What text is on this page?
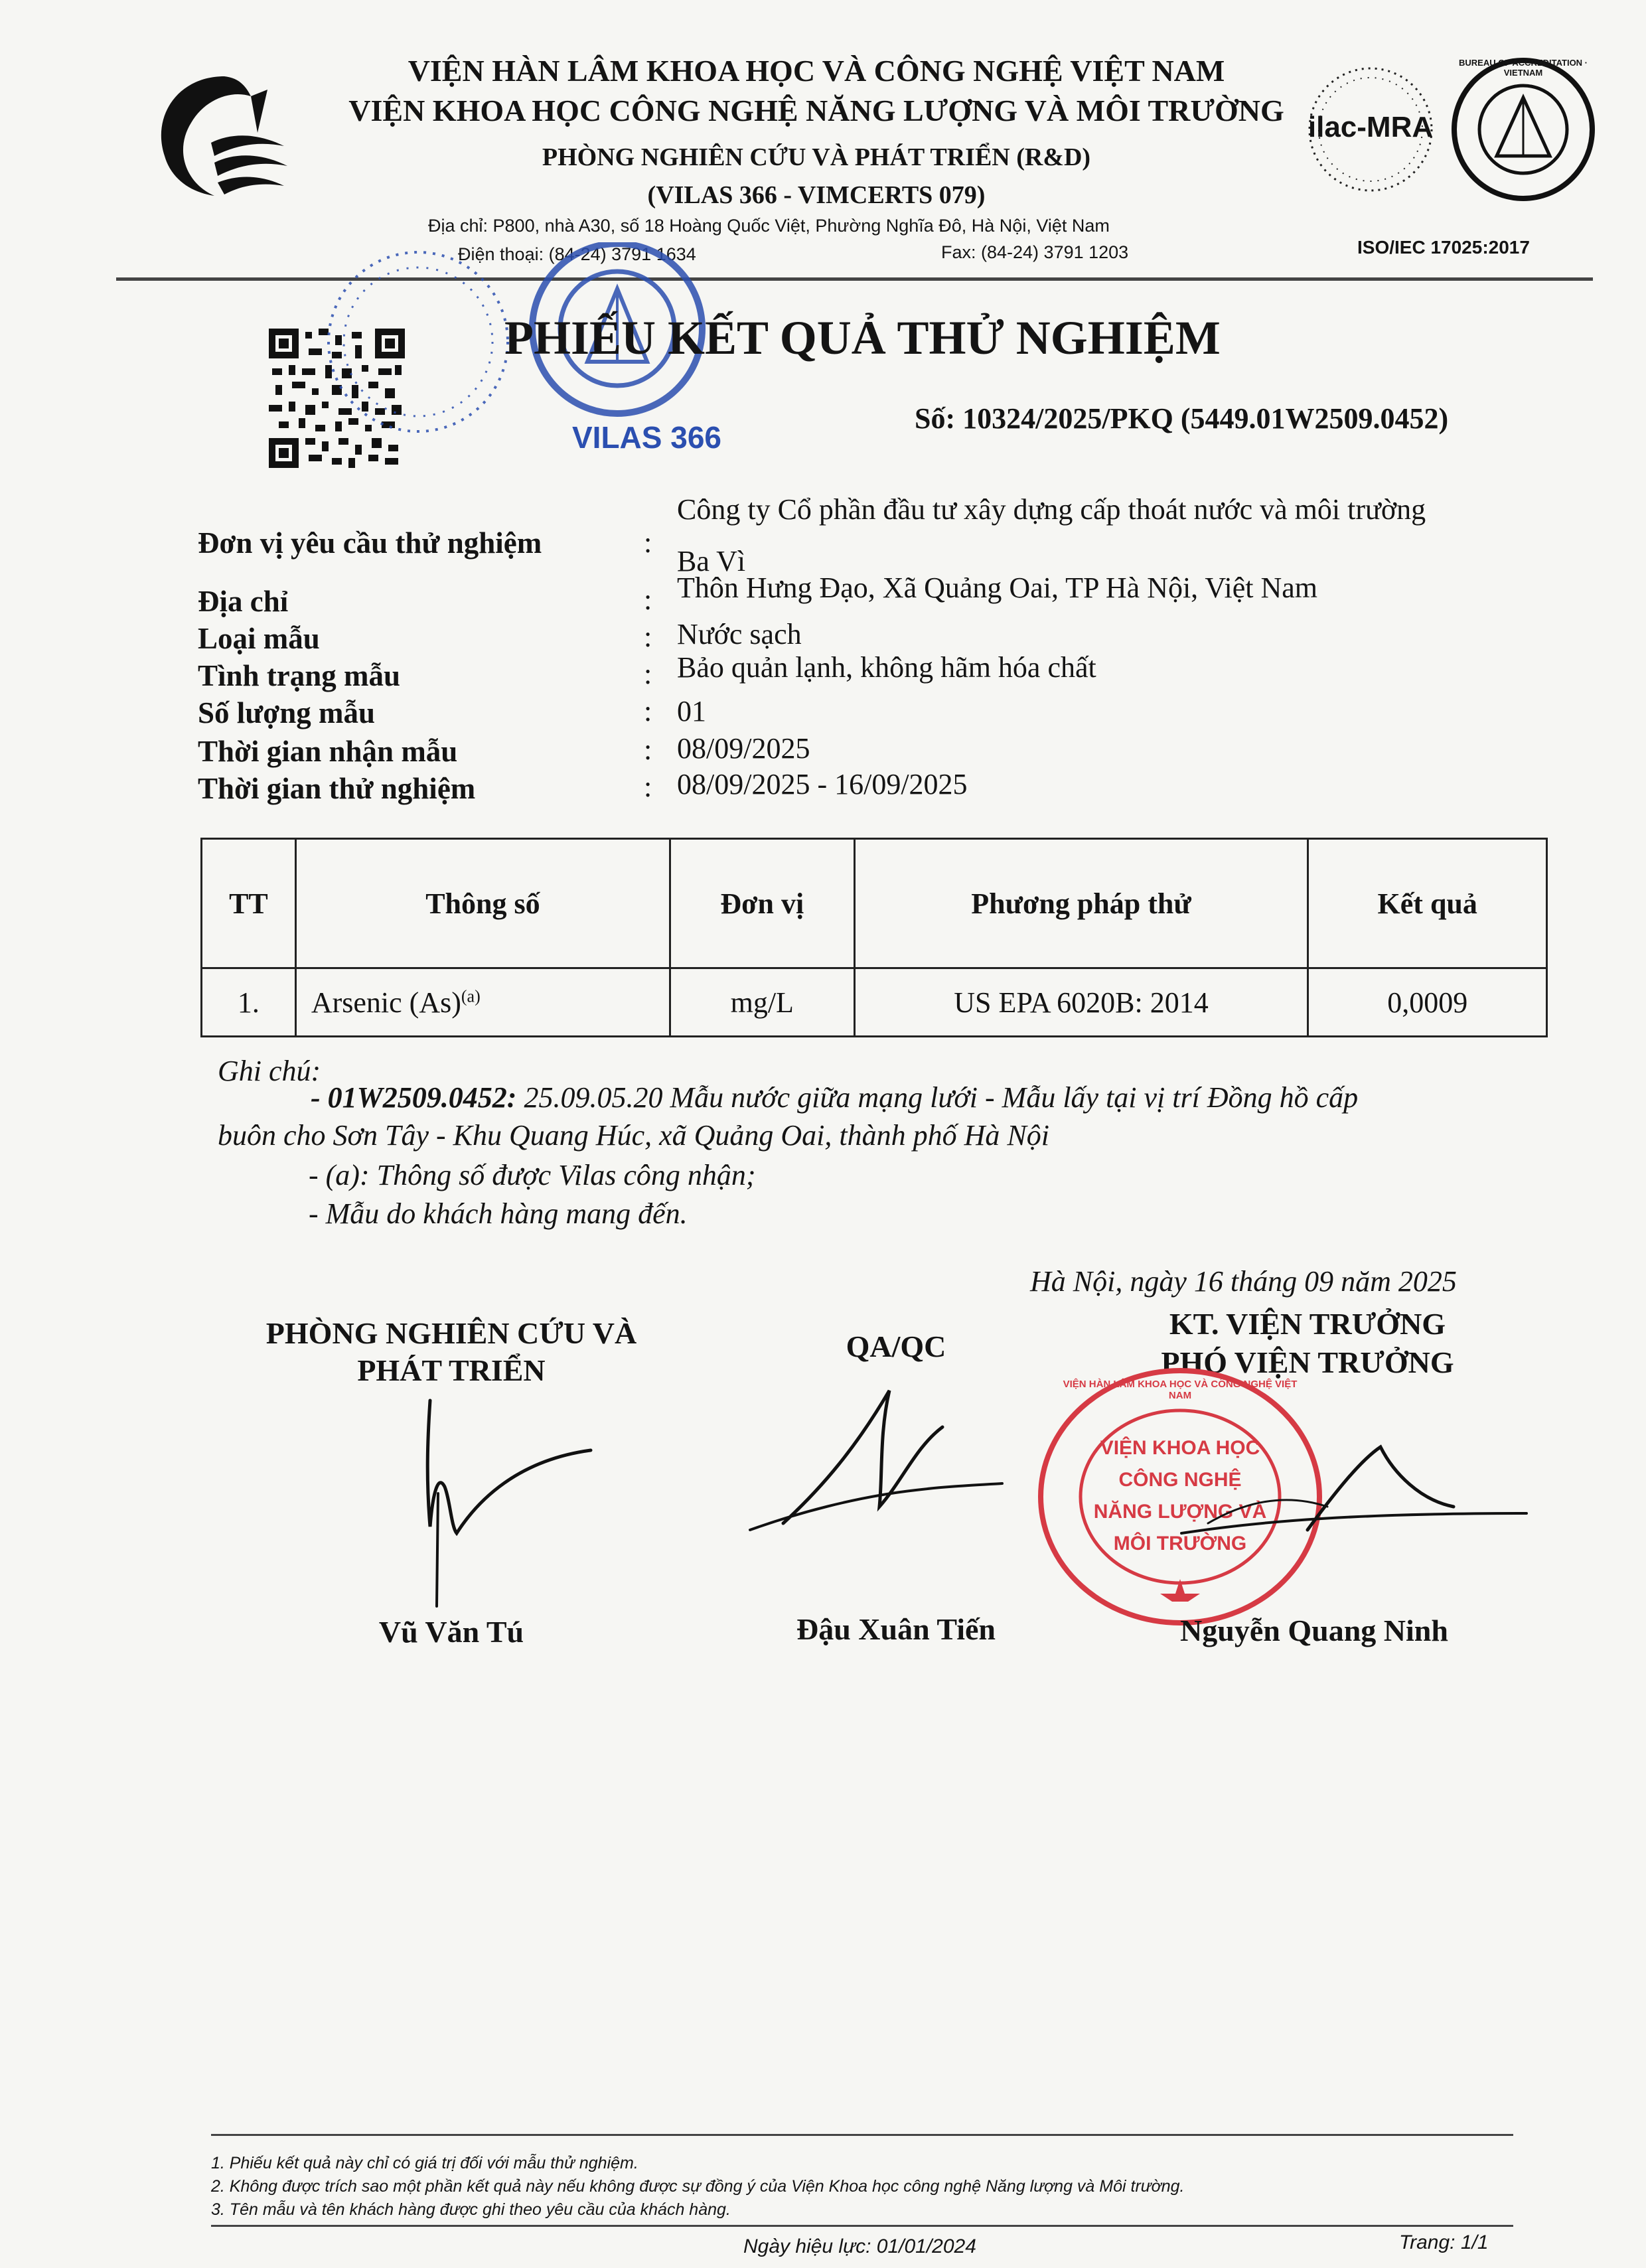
VIỆN HÀN LÂM KHOA HỌC VÀ CÔNG NGHỆ VIỆT NAM
VIỆN KHOA HỌC CÔNG NGHỆ NĂNG LƯỢNG VÀ MÔI TRƯỜNG
PHÒNG NGHIÊN CỨU VÀ PHÁT TRIỂN (R&D)
(VILAS 366 - VIMCERTS 079)
Địa chỉ: P800, nhà A30, số 18 Hoàng Quốc Việt, Phường Nghĩa Đô, Hà Nội, Việt Nam
Điện thoại: (84-24) 3791 1634	Fax: (84-24) 3791 1203
ilac-MRA
BUREAU OF ACCREDITATION · VIETNAM
ISO/IEC 17025:2017
VILAS 366
PHIẾU KẾT QUẢ THỬ NGHIỆM
Số: 10324/2025/PKQ (5449.01W2509.0452)
Đơn vị yêu cầu thử nghiệm	:
Công ty Cổ phần đầu tư xây dựng cấp thoát nước và môi trường
Ba Vì
Địa chỉ	: Thôn Hưng Đạo, Xã Quảng Oai, TP Hà Nội, Việt Nam
Loại mẫu	: Nước sạch
Tình trạng mẫu	: Bảo quản lạnh, không hãm hóa chất
Số lượng mẫu	: 01
Thời gian nhận mẫu	: 08/09/2025
Thời gian thử nghiệm	: 08/09/2025 - 16/09/2025
TT	Thông số	Đơn vị	Phương pháp thử	Kết quả
1.	Arsenic $(As)^{(a)}$	mg/L	US EPA 6020B: 2014	0,0009
Ghi chú:
- 01W2509.0452: 25.09.05.20 Mẫu nước giữa mạng lưới - Mẫu lấy tại vị trí Đồng hồ cấp
buôn cho Sơn Tây - Khu Quang Húc, xã Quảng Oai, thành phố Hà Nội
- (a): Thông số được Vilas công nhận;
- Mẫu do khách hàng mang đến.
Hà Nội, ngày 16 tháng 09 năm 2025
PHÒNG NGHIÊN CỨU VÀ
PHÁT TRIỂN
QA/QC
KT. VIỆN TRƯỞNG
PHÓ VIỆN TRƯỞNG
VIỆN HÀN LÂM KHOA HỌC VÀ CÔNG NGHỆ VIỆT NAM
VIỆN KHOA HỌC
CÔNG NGHỆ
NĂNG LƯỢNG VÀ
MÔI TRƯỜNG
Vũ Văn Tú	Đậu Xuân Tiến	Nguyễn Quang Ninh
1. Phiếu kết quả này chỉ có giá trị đối với mẫu thử nghiệm.
2. Không được trích sao một phần kết quả này nếu không được sự đồng ý của Viện Khoa học công nghệ Năng lượng và Môi trường.
3. Tên mẫu và tên khách hàng được ghi theo yêu cầu của khách hàng.
Ngày hiệu lực: 01/01/2024	Trang: 1/1
